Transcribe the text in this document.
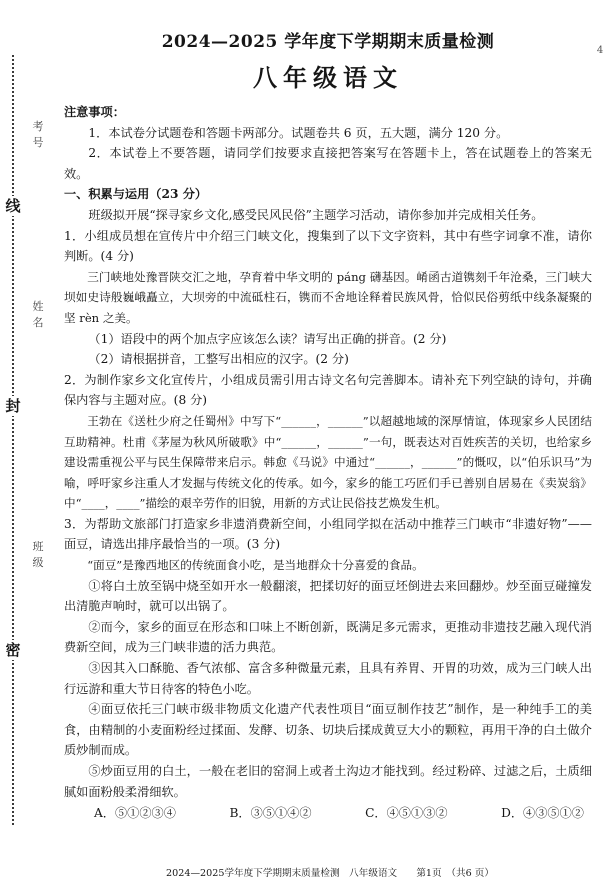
线
封
密
考
号
姓
名
班
级
4
2024—2025 学年度下学期期末质量检测
八年级语文

注意事项：

1．本试卷分试题卷和答题卡两部分。试题卷共 6 页，五大题，满分 120 分。

2．本试卷上不要答题，请同学们按要求直接把答案写在答题卡上，答在试题卷上的答案无效。

一、积累与运用（23 分）

班级拟开展“探寻家乡文化,感受民风民俗”主题学习活动，请你参加并完成相关任务。

1．小组成员想在宣传片中介绍三门峡文化，搜集到了以下文字资料，其中有些字词拿不准，请你判断。(4 分)

三门峡地处豫晋陕交汇之地，孕育着中华文明的 páng 礴基因。崤函古道镌刻千年沧桑，三门峡大坝如史诗般巍峨矗立，大坝旁的中流砥柱石，镌而不舍地诠释着民族风骨，恰似民俗剪纸中线条凝聚的坚 rèn 之美。

（1）语段中的两个加点字应该怎么读？请写出正确的拼音。(2 分)

（2）请根据拼音，工整写出相应的汉字。(2 分)

2．为制作家乡文化宣传片，小组成员需引用古诗文名句完善脚本。请补充下列空缺的诗句，并确保内容与主题对应。(8 分)

王勃在《送杜少府之任蜀州》中写下“______，______”以超越地域的深厚情谊，体现家乡人民团结互助精神。杜甫《茅屋为秋风所破歌》中“______，______”一句，既表达对百姓疾苦的关切，也给家乡建设需重视公平与民生保障带来启示。韩愈《马说》中通过“______，______”的慨叹，以“伯乐识马”为喻，呼吁家乡注重人才发掘与传统文化的传承。如今，家乡的能工巧匠们手已善别自居易在《卖炭翁》中“____，____”描绘的艰辛劳作的旧貌，用新的方式让民俗技艺焕发生机。

3．为帮助文旅部门打造家乡非遗消费新空间，小组同学拟在活动中推荐三门峡市“非遗好物”——面豆，请选出排序最恰当的一项。(3 分)

“面豆”是豫西地区的传统面食小吃，是当地群众十分喜爱的食品。

①将白土放至锅中烧至如开水一般翻滚，把揉切好的面豆坯倒进去来回翻炒。炒至面豆碰撞发出清脆声响时，就可以出锅了。

②而今，家乡的面豆在形态和口味上不断创新，既满足多元需求，更推动非遗技艺融入现代消费新空间，成为三门峡非遗的活力典范。

③因其入口酥脆、香气浓郁、富含多种微量元素，且具有养胃、开胃的功效，成为三门峡人出行远游和重大节日待客的特色小吃。

④面豆依托三门峡市级非物质文化遗产代表性项目“面豆制作技艺”制作，是一种纯手工的美食，由精制的小麦面粉经过揉面、发酵、切条、切块后揉成黄豆大小的颗粒，再用干净的白土做介质炒制而成。

⑤炒面豆用的白土，一般在老旧的窑洞上或者土沟边才能找到。经过粉碎、过滤之后，土质细腻如面粉般柔滑细软。

A．⑤①②③④	B．③⑤①④②	C．④⑤①③②	D．④③⑤①②
2024—2025学年度下学期期末质量检测　八年级语文　　第1页　（共6 页）
